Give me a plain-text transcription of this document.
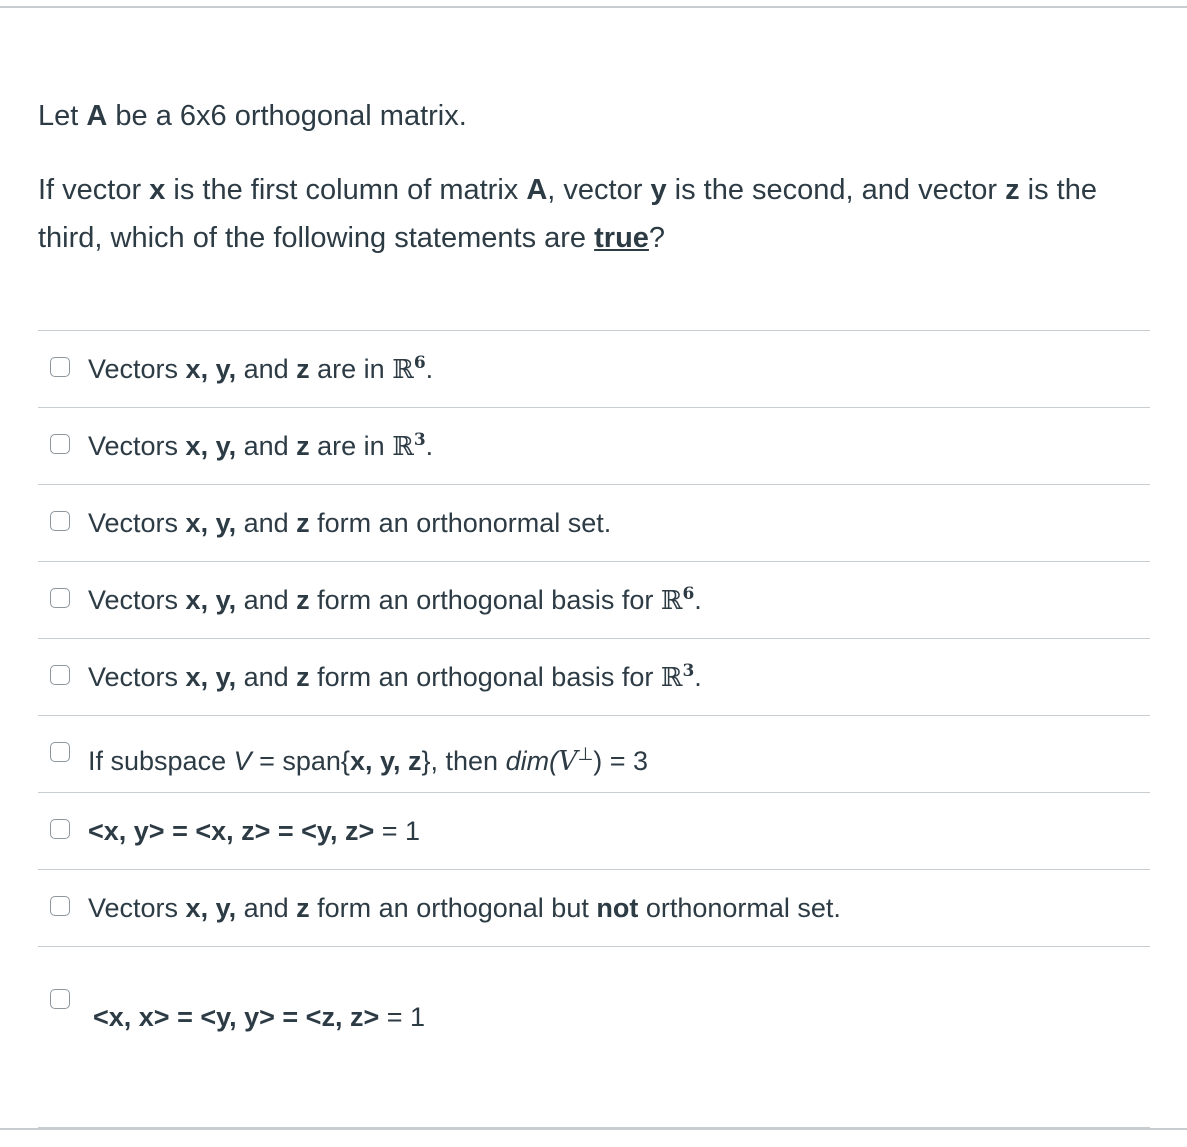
Let A be a 6x6 orthogonal matrix.
If vector x is the first column of matrix A, vector y is the second, and vector z is the third, which of the following statements are true?
Vectors x, y, and z are in ℝ$^6$.
Vectors x, y, and z are in ℝ$^3$.
Vectors x, y, and z form an orthonormal set.
Vectors x, y, and z form an orthogonal basis for ℝ$^6$.
Vectors x, y, and z form an orthogonal basis for ℝ$^3$.
If subspace V = span{x, y, z}, then dim(V⊥) = 3
<x, y> = <x, z> = <y, z> = 1
Vectors x, y, and z form an orthogonal but not orthonormal set.
<x, x> = <y, y> = <z, z> = 1
